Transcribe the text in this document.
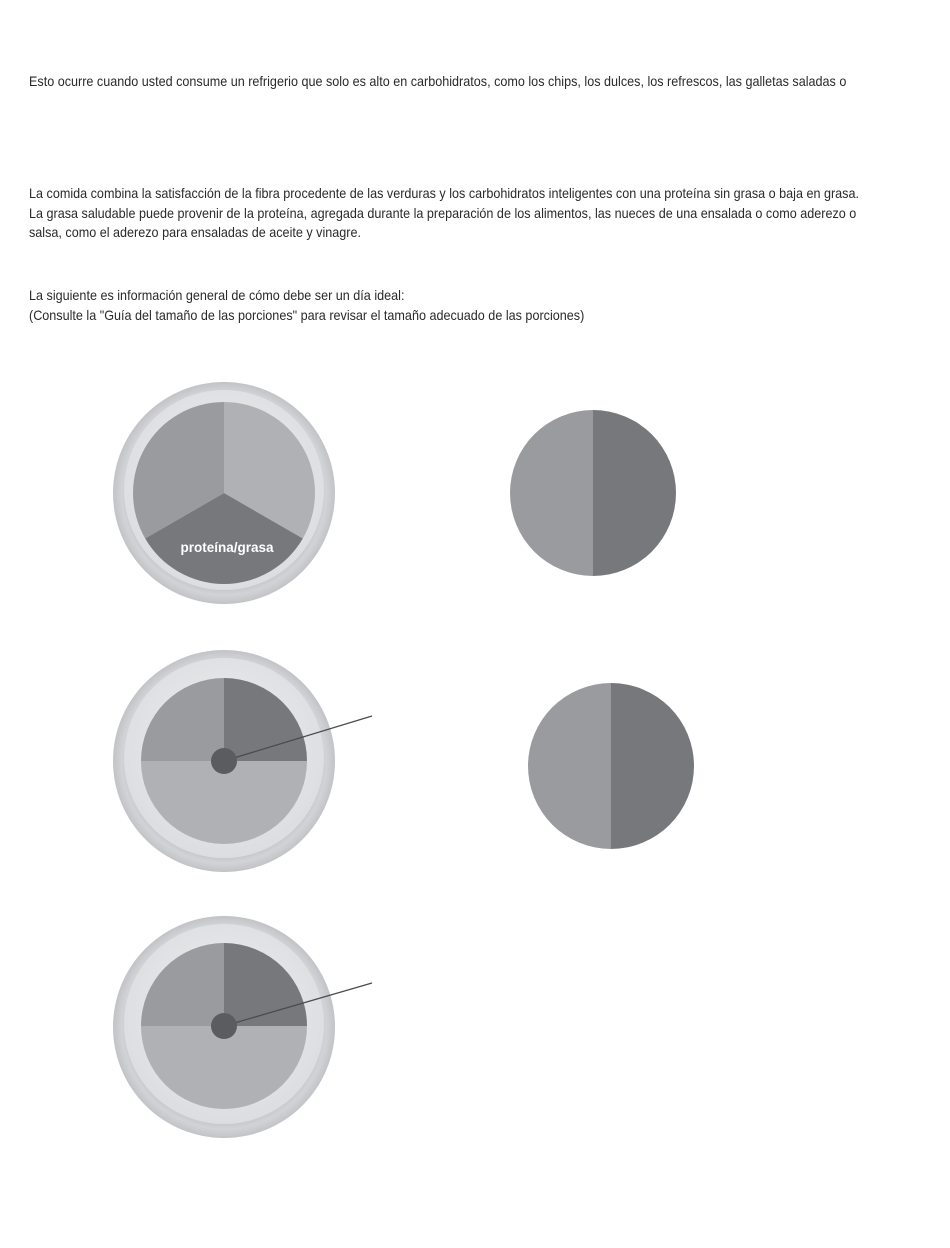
Esto ocurre cuando usted consume un refrigerio que solo es alto en carbohidratos, como los chips, los dulces, los refrescos, las galletas saladas o
La comida combina la satisfacción de la fibra procedente de las verduras y los carbohidratos inteligentes con una proteína sin grasa o baja en grasa.
La grasa saludable puede provenir de la proteína, agregada durante la preparación de los alimentos, las nueces de una ensalada o como aderezo o
salsa, como el aderezo para ensaladas de aceite y vinagre.
La siguiente es información general de cómo debe ser un día ideal:
(Consulte la "Guía del tamaño de las porciones" para revisar el tamaño adecuado de las porciones)
proteína/grasa
